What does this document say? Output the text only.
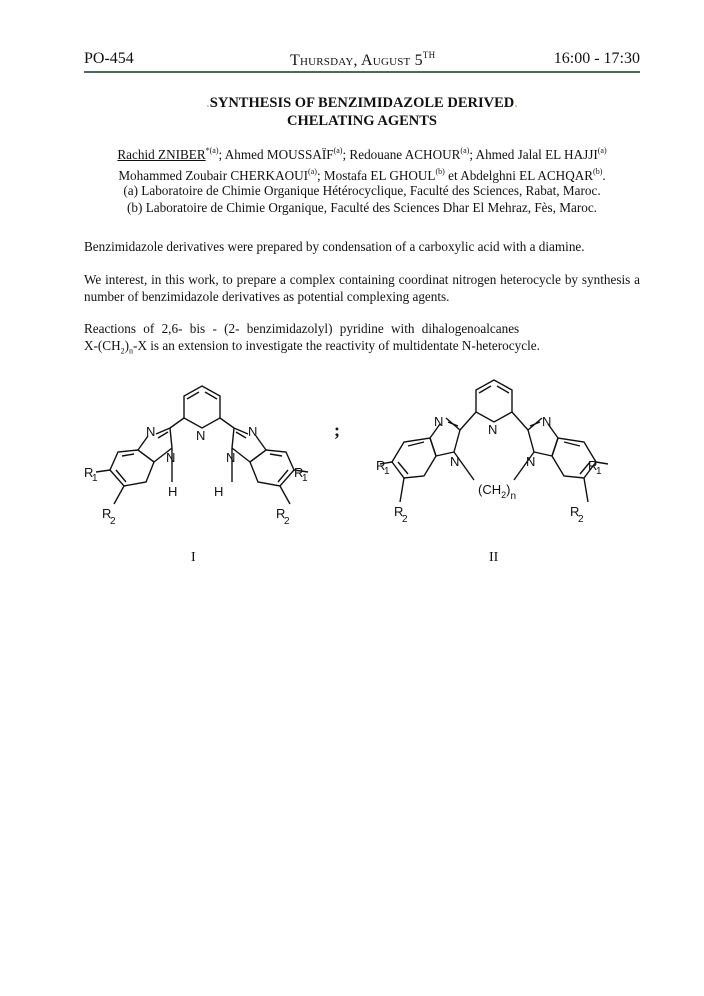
PO-454	Thursday, August 5TH	16:00 - 17:30
.SYNTHESIS OF BENZIMIDAZOLE DERIVED.
CHELATING AGENTS
Rachid ZNIBER$^{*(a)}$; Ahmed MOUSSAÏF$^{(a)}$; Redouane ACHOUR$^{(a)}$; Ahmed Jalal EL HAJJI$^{(a)}$
Mohammed Zoubair CHERKAOUI$^{(a)}$; Mostafa EL GHOUL$^{(b)}$ et Abdelghni EL ACHQAR$^{(b)}$.
(a) Laboratoire de Chimie Organique Hétérocyclique, Faculté des Sciences, Rabat, Maroc.
(b) Laboratoire de Chimie Organique, Faculté des Sciences Dhar El Mehraz, Fès, Maroc.
Benzimidazole derivatives were prepared by condensation of a carboxylic acid with a diamine.
We interest, in this work, to prepare a complex containing coordinat nitrogen heterocycle by synthesis a number of benzimidazole derivatives as potential complexing agents.
Reactions of 2,6- bis - (2- benzimidazolyl) pyridine with dihalogenoalcanes
$X-(CH_2)_n-X$ is an extension to investigate the reactivity of multidentate N-heterocycle.
N
N
N
H
N
N
H
R
1
R
2
R
1
R
2
;	N
N
N
N
N
$(CH_2)_n$
R
1
R
2
R
1
R
2
I	II
